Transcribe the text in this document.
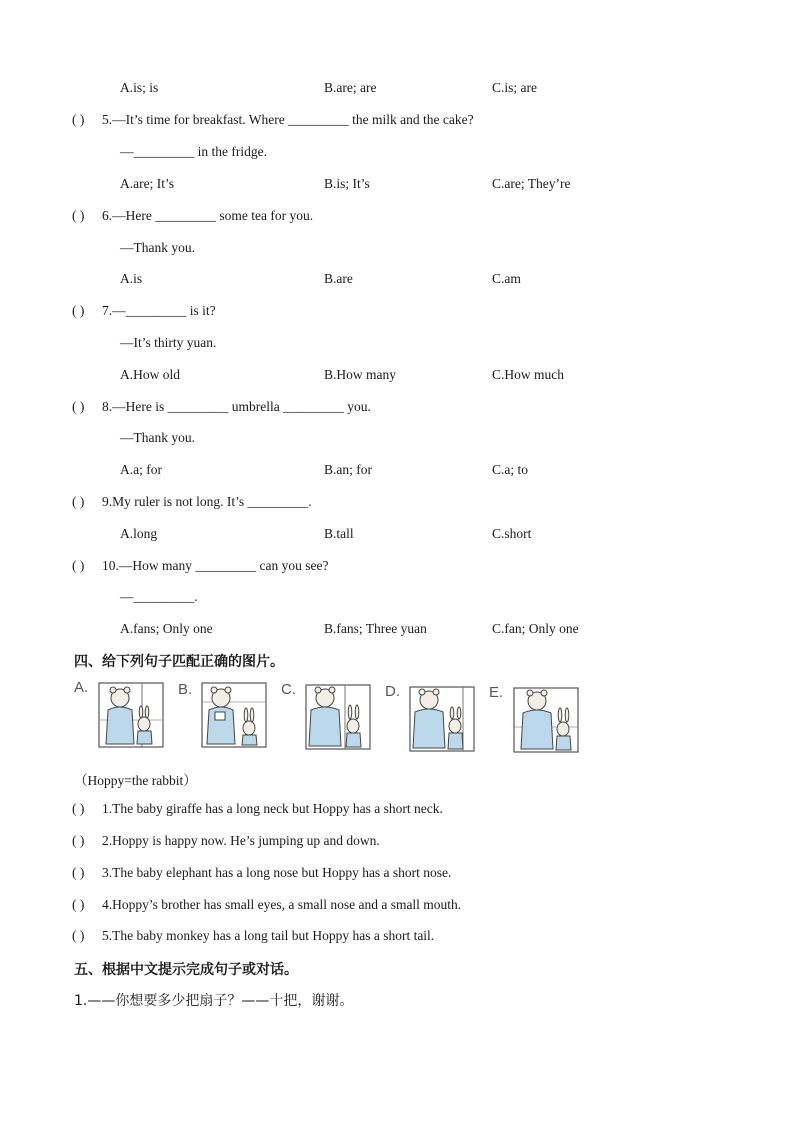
A.is; is	B.are; are	C.is; are
( ) 5.—It’s time for breakfast. Where _________ the milk and the cake?
—_________ in the fridge.
A.are; It’s	B.is; It’s	C.are; They’re
( ) 6.—Here _________ some tea for you.
—Thank you.
A.is	B.are	C.am
( ) 7.—_________ is it?
—It’s thirty yuan.
A.How old	B.How many	C.How much
( ) 8.—Here is _________ umbrella _________ you.
—Thank you.
A.a; for	B.an; for	C.a; to
( ) 9.My ruler is not long. It’s _________.
A.long	B.tall	C.short
( ) 10.—How many _________ can you see?
—_________.
A.fans; Only one	B.fans; Three yuan	C.fan; Only one
四、给下列句子匹配正确的图片。
A.	B.	C.	D.	E.
（Hoppy=the rabbit）
( ) 1.The baby giraffe has a long neck but Hoppy has a short neck.
( ) 2.Hoppy is happy now. He’s jumping up and down.
( ) 3.The baby elephant has a long nose but Hoppy has a short nose.
( ) 4.Hoppy’s brother has small eyes, a small nose and a small mouth.
( ) 5.The baby monkey has a long tail but Hoppy has a short tail.
五、根据中文提示完成句子或对话。
1.——你想要多少把扇子？——十把，谢谢。
